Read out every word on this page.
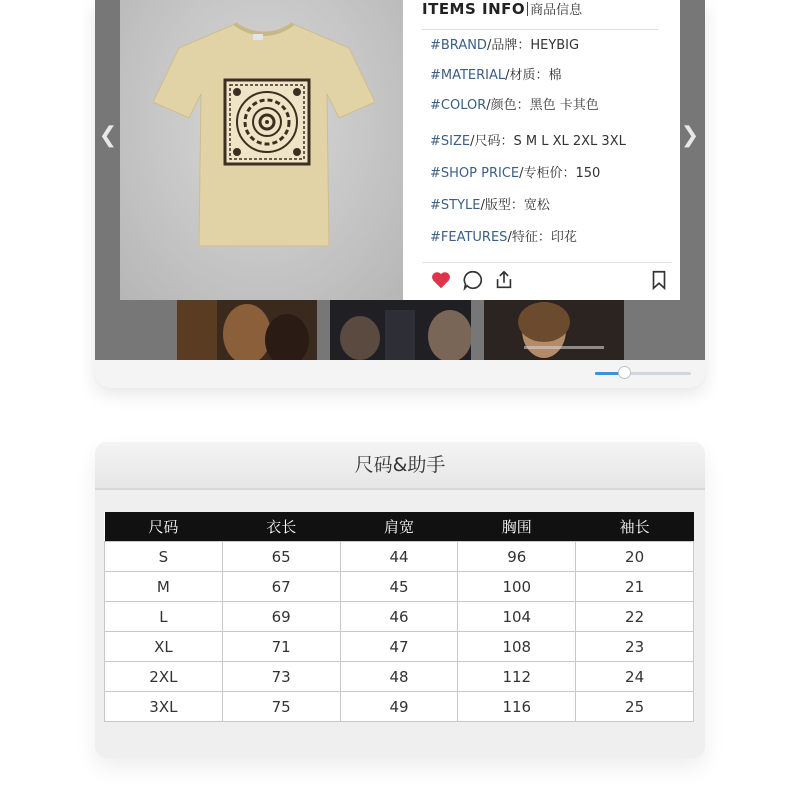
❮	❯
ITEMS INFO 商品信息
#BRAND/品牌：HEYBIG
#MATERIAL/材质：棉
#COLOR/颜色：黑色 卡其色
#SIZE/尺码：S M L XL 2XL 3XL
#SHOP PRICE/专柜价：150
#STYLE/版型：宽松
#FEATURES/特征：印花
尺码&助手
尺码	衣长	肩宽	胸围	袖长
S	65	44	96	20
M	67	45	100	21
L	69	46	104	22
XL	71	47	108	23
2XL	73	48	112	24
3XL	75	49	116	25
